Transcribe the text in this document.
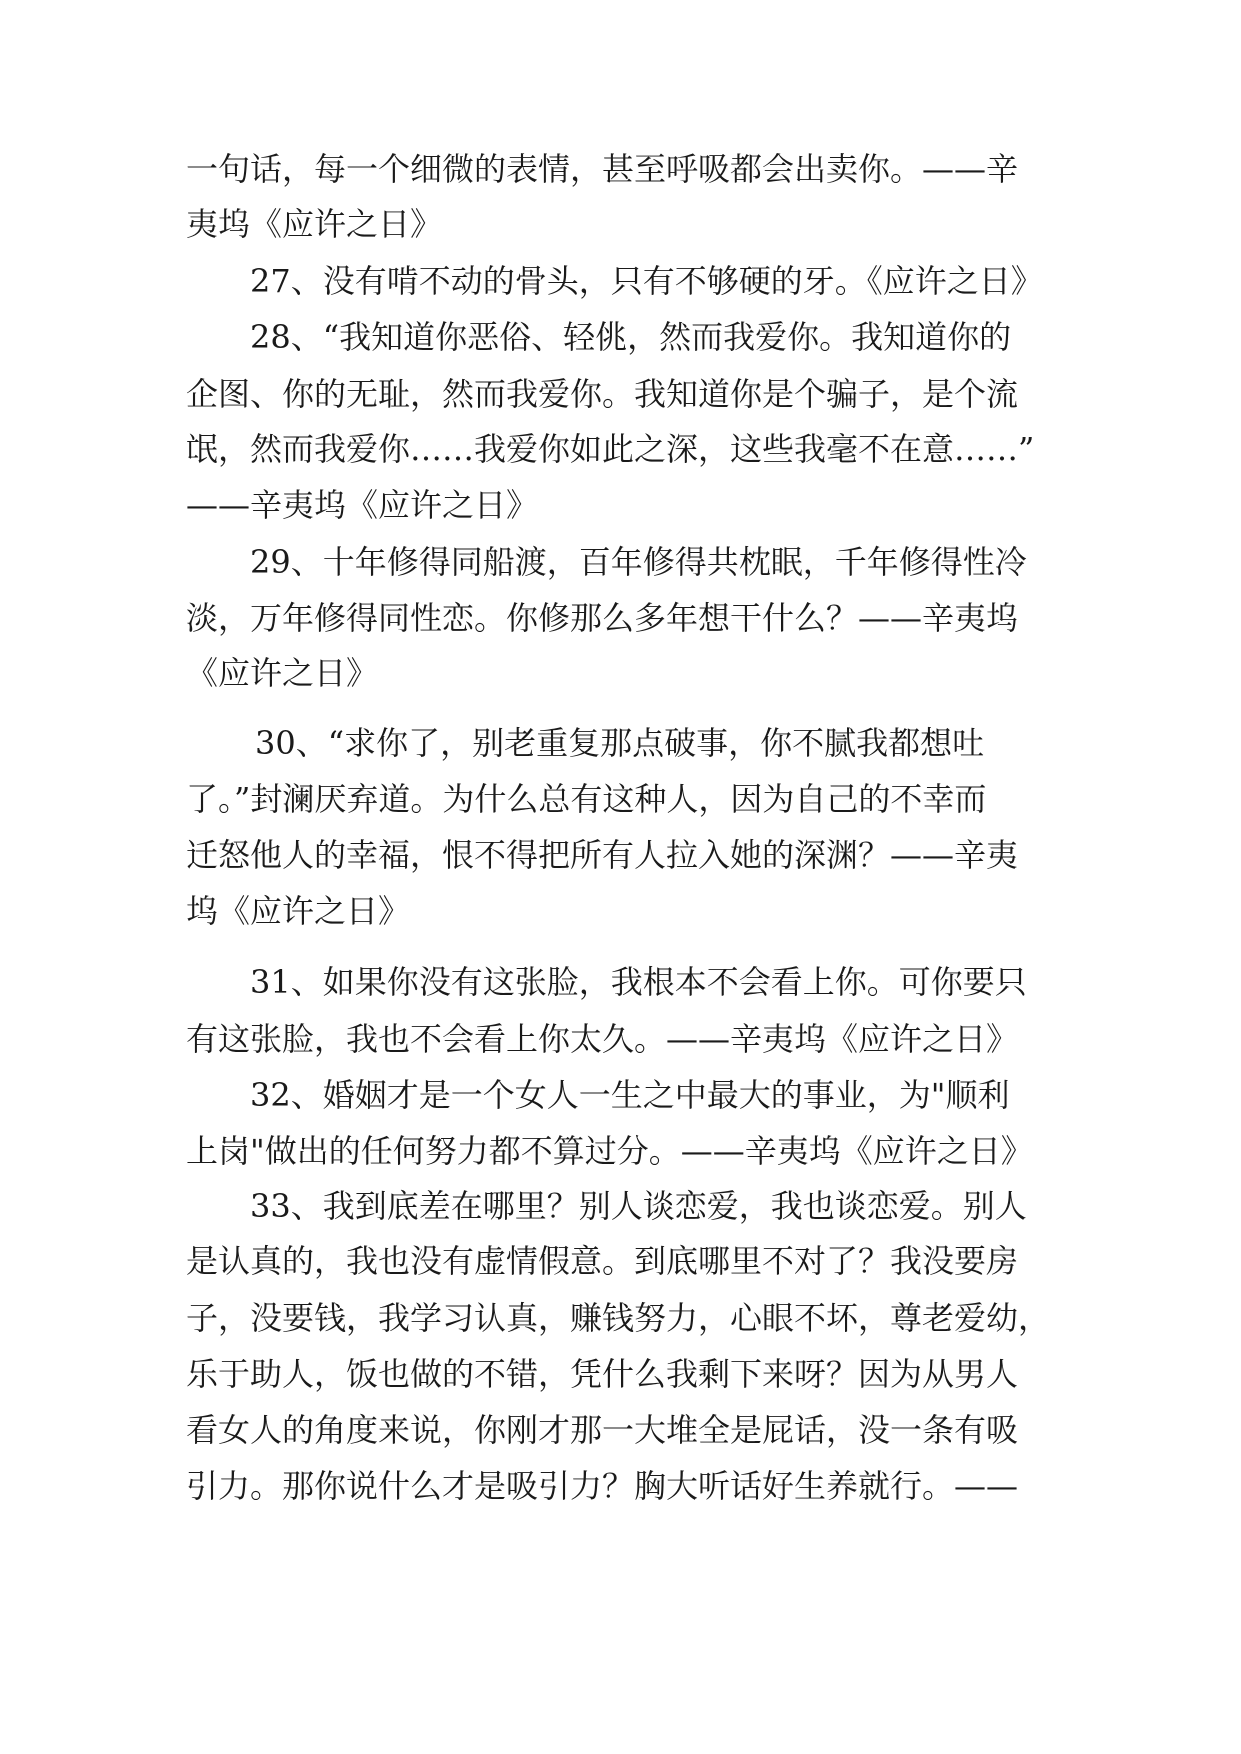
一句话，每一个细微的表情，甚至呼吸都会出卖你。——辛
夷坞《应许之日》
27、没有啃不动的骨头，只有不够硬的牙。《应许之日》
28、“我知道你恶俗、轻佻，然而我爱你。我知道你的
企图、你的无耻，然而我爱你。我知道你是个骗子，是个流
氓，然而我爱你……我爱你如此之深，这些我毫不在意……”
——辛夷坞《应许之日》
29、十年修得同船渡，百年修得共枕眠，千年修得性冷
淡，万年修得同性恋。你修那么多年想干什么？——辛夷坞
《应许之日》
30、“求你了，别老重复那点破事，你不腻我都想吐
了。”封澜厌弃道。为什么总有这种人，因为自己的不幸而
迁怒他人的幸福，恨不得把所有人拉入她的深渊？——辛夷
坞《应许之日》
31、如果你没有这张脸，我根本不会看上你。可你要只
有这张脸，我也不会看上你太久。——辛夷坞《应许之日》
32、婚姻才是一个女人一生之中最大的事业，为"顺利
上岗"做出的任何努力都不算过分。——辛夷坞《应许之日》
33、我到底差在哪里？别人谈恋爱，我也谈恋爱。别人
是认真的，我也没有虚情假意。到底哪里不对了？我没要房
子，没要钱，我学习认真，赚钱努力，心眼不坏，尊老爱幼，
乐于助人，饭也做的不错，凭什么我剩下来呀？因为从男人
看女人的角度来说，你刚才那一大堆全是屁话，没一条有吸
引力。那你说什么才是吸引力？胸大听话好生养就行。——
